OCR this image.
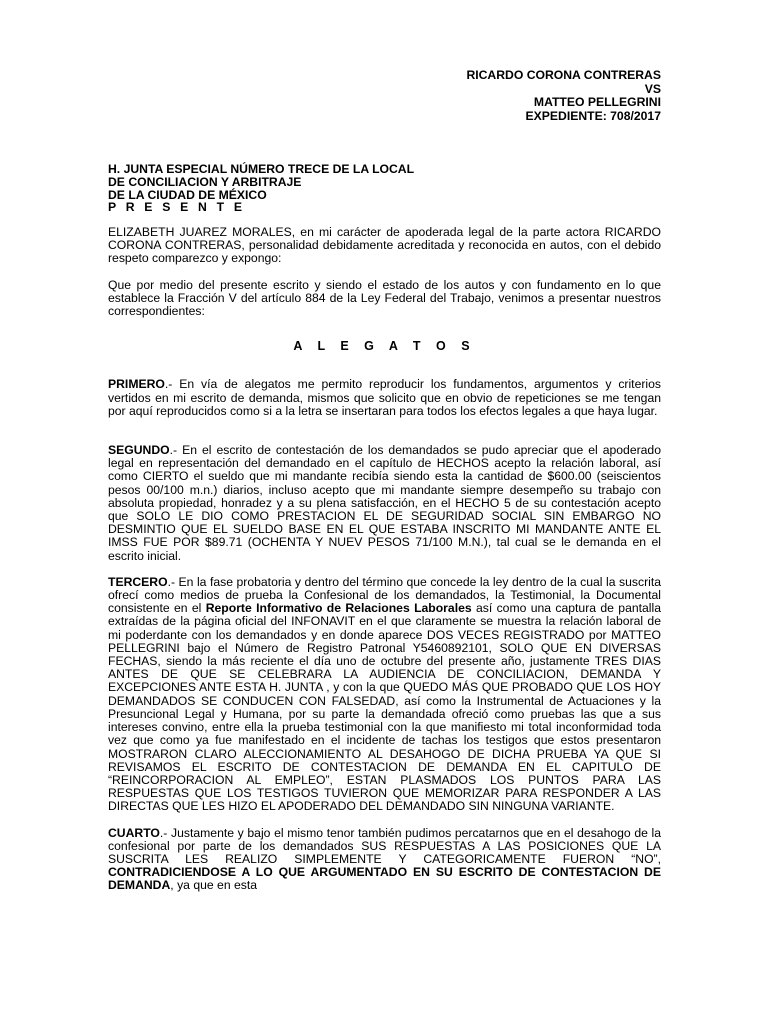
RICARDO CORONA CONTRERAS
VS
MATTEO PELLEGRINI
EXPEDIENTE: 708/2017
H. JUNTA ESPECIAL NÚMERO TRECE DE LA LOCAL
DE CONCILIACION Y ARBITRAJE
DE LA CIUDAD DE MÉXICO
P R E S E N T E

ELIZABETH JUAREZ MORALES, en mi carácter de apoderada legal de la parte actora RICARDO CORONA CONTRERAS, personalidad debidamente acreditada y reconocida en autos, con el debido respeto comparezco y expongo:

Que por medio del presente escrito y siendo el estado de los autos y con fundamento en lo que establece la Fracción V del artículo 884 de la Ley Federal del Trabajo, venimos a presentar nuestros correspondientes:

A L E G A T O S

PRIMERO.- En vía de alegatos me permito reproducir los fundamentos, argumentos y criterios vertidos en mi escrito de demanda, mismos que solicito que en obvio de repeticiones se me tengan por aquí reproducidos como si a la letra se insertaran para todos los efectos legales a que haya lugar.

SEGUNDO.- En el escrito de contestación de los demandados se pudo apreciar que el apoderado legal en representación del demandado en el capítulo de HECHOS acepto la relación laboral, así como CIERTO el sueldo que mi mandante recibía siendo esta la cantidad de $600.00 (seiscientos pesos 00/100 m.n.) diarios, incluso acepto que mi mandante siempre desempeño su trabajo con absoluta propiedad, honradez y a su plena satisfacción, en el HECHO 5 de su contestación acepto que SOLO LE DIO COMO PRESTACION EL DE SEGURIDAD SOCIAL SIN EMBARGO NO DESMINTIO QUE EL SUELDO BASE EN EL QUE ESTABA INSCRITO MI MANDANTE ANTE EL IMSS FUE POR $89.71 (OCHENTA Y NUEV PESOS 71/100 M.N.), tal cual se le demanda en el escrito inicial.

TERCERO.- En la fase probatoria y dentro del término que concede la ley dentro de la cual la suscrita ofrecí como medios de prueba la Confesional de los demandados, la Testimonial, la Documental consistente en el Reporte Informativo de Relaciones Laborales así como una captura de pantalla extraídas de la página oficial del INFONAVIT en el que claramente se muestra la relación laboral de mi poderdante con los demandados y en donde aparece DOS VECES REGISTRADO por MATTEO PELLEGRINI bajo el Número de Registro Patronal Y5460892101, SOLO QUE EN DIVERSAS FECHAS, siendo la más reciente el día uno de octubre del presente año, justamente TRES DIAS ANTES DE QUE SE CELEBRARA LA AUDIENCIA DE CONCILIACION, DEMANDA Y EXCEPCIONES ANTE ESTA H. JUNTA , y con la que QUEDO MÁS QUE PROBADO QUE LOS HOY DEMANDADOS SE CONDUCEN CON FALSEDAD, así como la Instrumental de Actuaciones y la Presuncional Legal y Humana, por su parte la demandada ofreció como pruebas las que a sus intereses convino, entre ella la prueba testimonial con la que manifiesto mi total inconformidad toda vez que como ya fue manifestado en el incidente de tachas los testigos que estos presentaron MOSTRARON CLARO ALECCIONAMIENTO AL DESAHOGO DE DICHA PRUEBA YA QUE SI REVISAMOS EL ESCRITO DE CONTESTACION DE DEMANDA EN EL CAPITULO DE “REINCORPORACION AL EMPLEO”, ESTAN PLASMADOS LOS PUNTOS PARA LAS RESPUESTAS QUE LOS TESTIGOS TUVIERON QUE MEMORIZAR PARA RESPONDER A LAS DIRECTAS QUE LES HIZO EL APODERADO DEL DEMANDADO SIN NINGUNA VARIANTE.

CUARTO.- Justamente y bajo el mismo tenor también pudimos percatarnos que en el desahogo de la confesional por parte de los demandados SUS RESPUESTAS A LAS POSICIONES QUE LA SUSCRITA LES REALIZO SIMPLEMENTE Y CATEGORICAMENTE FUERON “NO”, CONTRADICIENDOSE A LO QUE ARGUMENTADO EN SU ESCRITO DE CONTESTACION DE DEMANDA, ya que en esta
